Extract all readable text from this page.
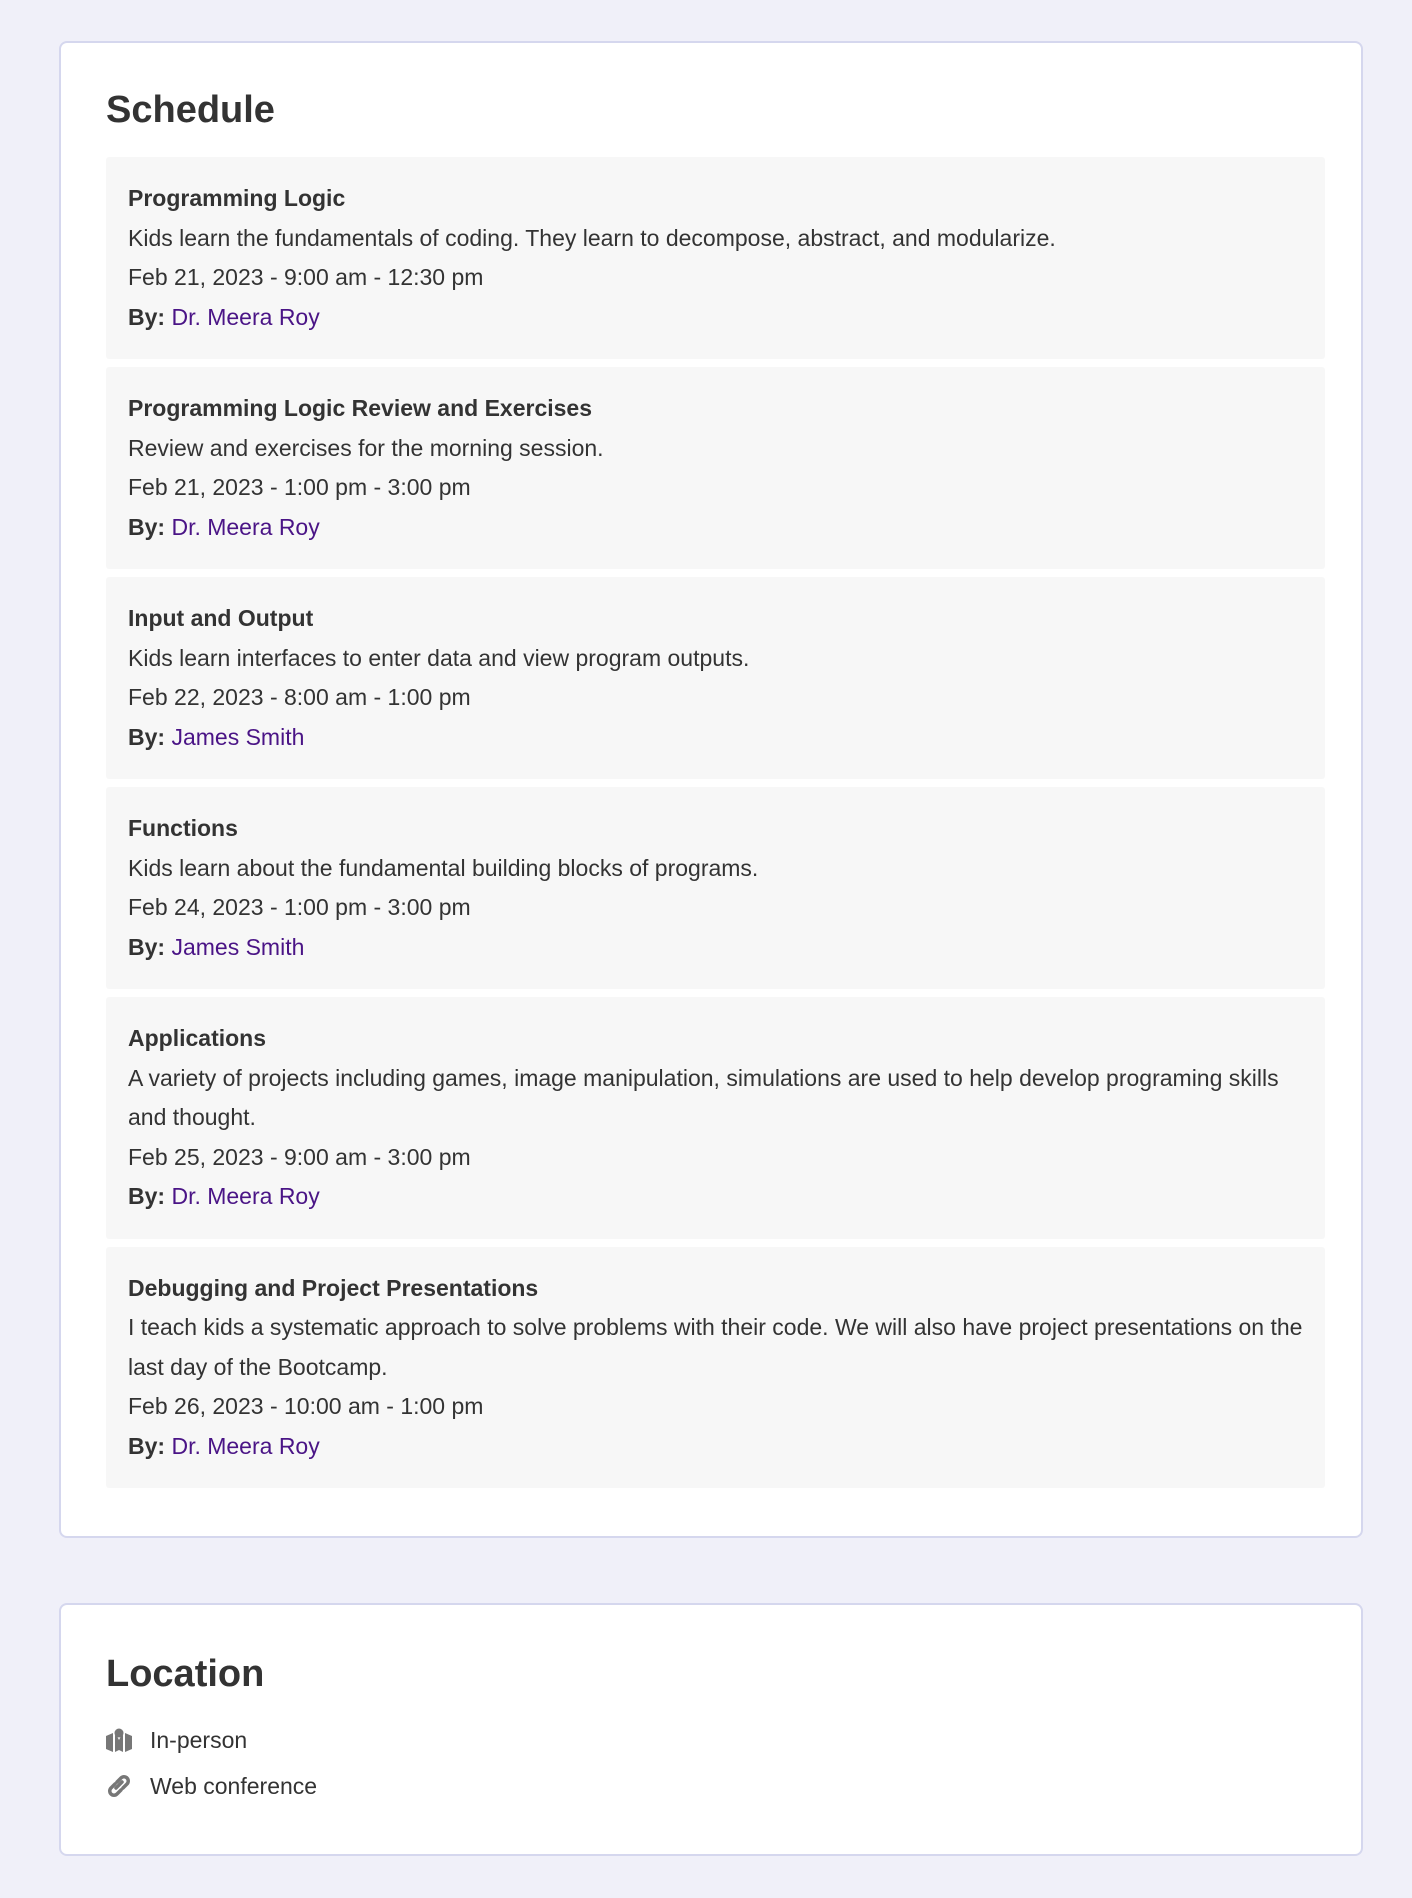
Schedule
Programming Logic
Kids learn the fundamentals of coding. They learn to decompose, abstract, and modularize.
Feb 21, 2023 - 9:00 am - 12:30 pm
By: Dr. Meera Roy
Programming Logic Review and Exercises
Review and exercises for the morning session.
Feb 21, 2023 - 1:00 pm - 3:00 pm
By: Dr. Meera Roy
Input and Output
Kids learn interfaces to enter data and view program outputs.
Feb 22, 2023 - 8:00 am - 1:00 pm
By: James Smith
Functions
Kids learn about the fundamental building blocks of programs.
Feb 24, 2023 - 1:00 pm - 3:00 pm
By: James Smith
Applications
A variety of projects including games, image manipulation, simulations are used to help develop programing skills and thought.
Feb 25, 2023 - 9:00 am - 3:00 pm
By: Dr. Meera Roy
Debugging and Project Presentations
I teach kids a systematic approach to solve problems with their code. We will also have project presentations on the last day of the Bootcamp.
Feb 26, 2023 - 10:00 am - 1:00 pm
By: Dr. Meera Roy
Location
In-person
Web conference
